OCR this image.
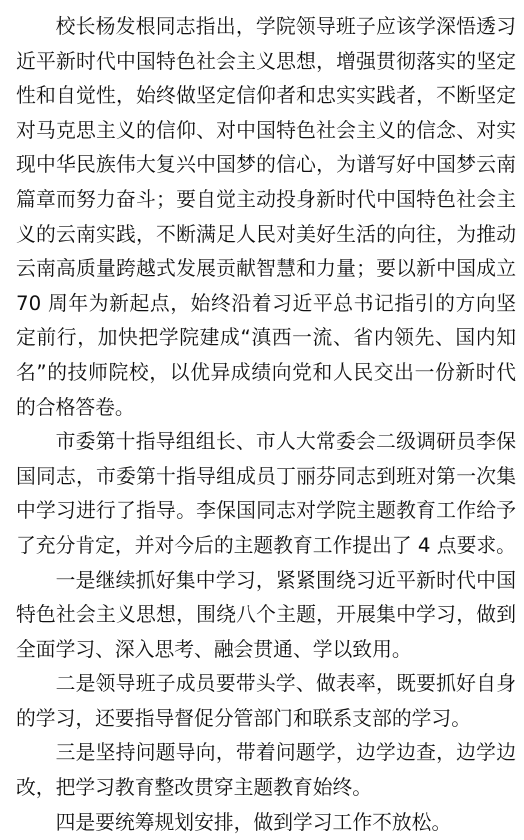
校长杨发根同志指出，学院领导班子应该学深悟透习近平新时代中国特色社会主义思想，增强贯彻落实的坚定性和自觉性，始终做坚定信仰者和忠实实践者，不断坚定对马克思主义的信仰、对中国特色社会主义的信念、对实现中华民族伟大复兴中国梦的信心，为谱写好中国梦云南篇章而努力奋斗；要自觉主动投身新时代中国特色社会主义的云南实践，不断满足人民对美好生活的向往，为推动云南高质量跨越式发展贡献智慧和力量；要以新中国成立 70 周年为新起点，始终沿着习近平总书记指引的方向坚定前行，加快把学院建成“滇西一流、省内领先、国内知名”的技师院校，以优异成绩向党和人民交出一份新时代的合格答卷。

市委第十指导组组长、市人大常委会二级调研员李保国同志，市委第十指导组成员丁丽芬同志到班对第一次集中学习进行了指导。李保国同志对学院主题教育工作给予了充分肯定，并对今后的主题教育工作提出了 4 点要求。

一是继续抓好集中学习，紧紧围绕习近平新时代中国特色社会主义思想，围绕八个主题，开展集中学习，做到全面学习、深入思考、融会贯通、学以致用。

二是领导班子成员要带头学、做表率，既要抓好自身的学习，还要指导督促分管部门和联系支部的学习。

三是坚持问题导向，带着问题学，边学边查，边学边改，把学习教育整改贯穿主题教育始终。

四是要统筹规划安排，做到学习工作不放松。
